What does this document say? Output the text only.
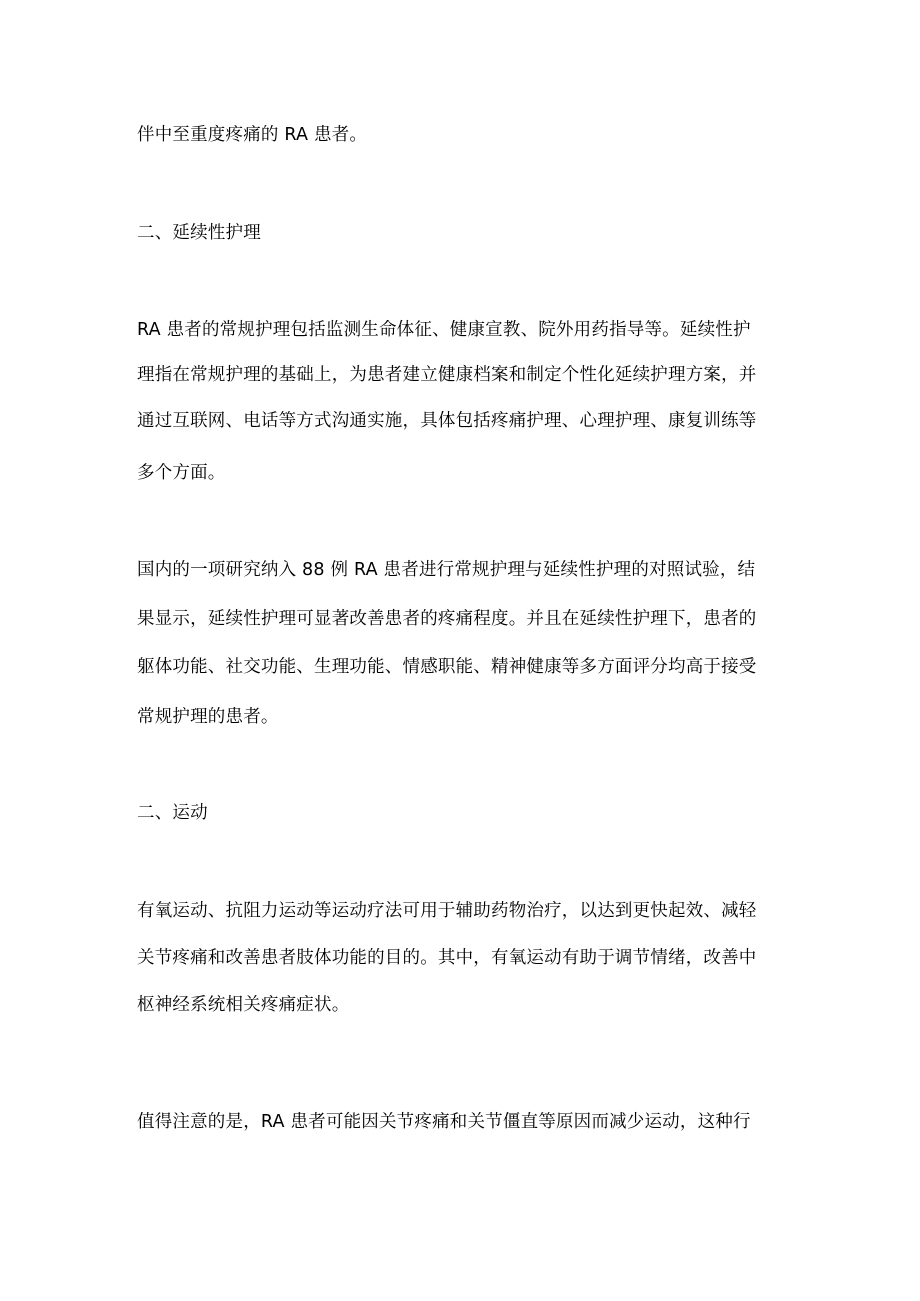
伴中至重度疼痛的 RA 患者。
二、延续性护理
RA 患者的常规护理包括监测生命体征、健康宣教、院外用药指导等。延续性护
理指在常规护理的基础上，为患者建立健康档案和制定个性化延续护理方案，并
通过互联网、电话等方式沟通实施，具体包括疼痛护理、心理护理、康复训练等
多个方面。
国内的一项研究纳入 88 例 RA 患者进行常规护理与延续性护理的对照试验，结
果显示，延续性护理可显著改善患者的疼痛程度。并且在延续性护理下，患者的
躯体功能、社交功能、生理功能、情感职能、精神健康等多方面评分均高于接受
常规护理的患者。
二、运动
有氧运动、抗阻力运动等运动疗法可用于辅助药物治疗，以达到更快起效、减轻
关节疼痛和改善患者肢体功能的目的。其中，有氧运动有助于调节情绪，改善中
枢神经系统相关疼痛症状。
值得注意的是，RA 患者可能因关节疼痛和关节僵直等原因而减少运动，这种行
